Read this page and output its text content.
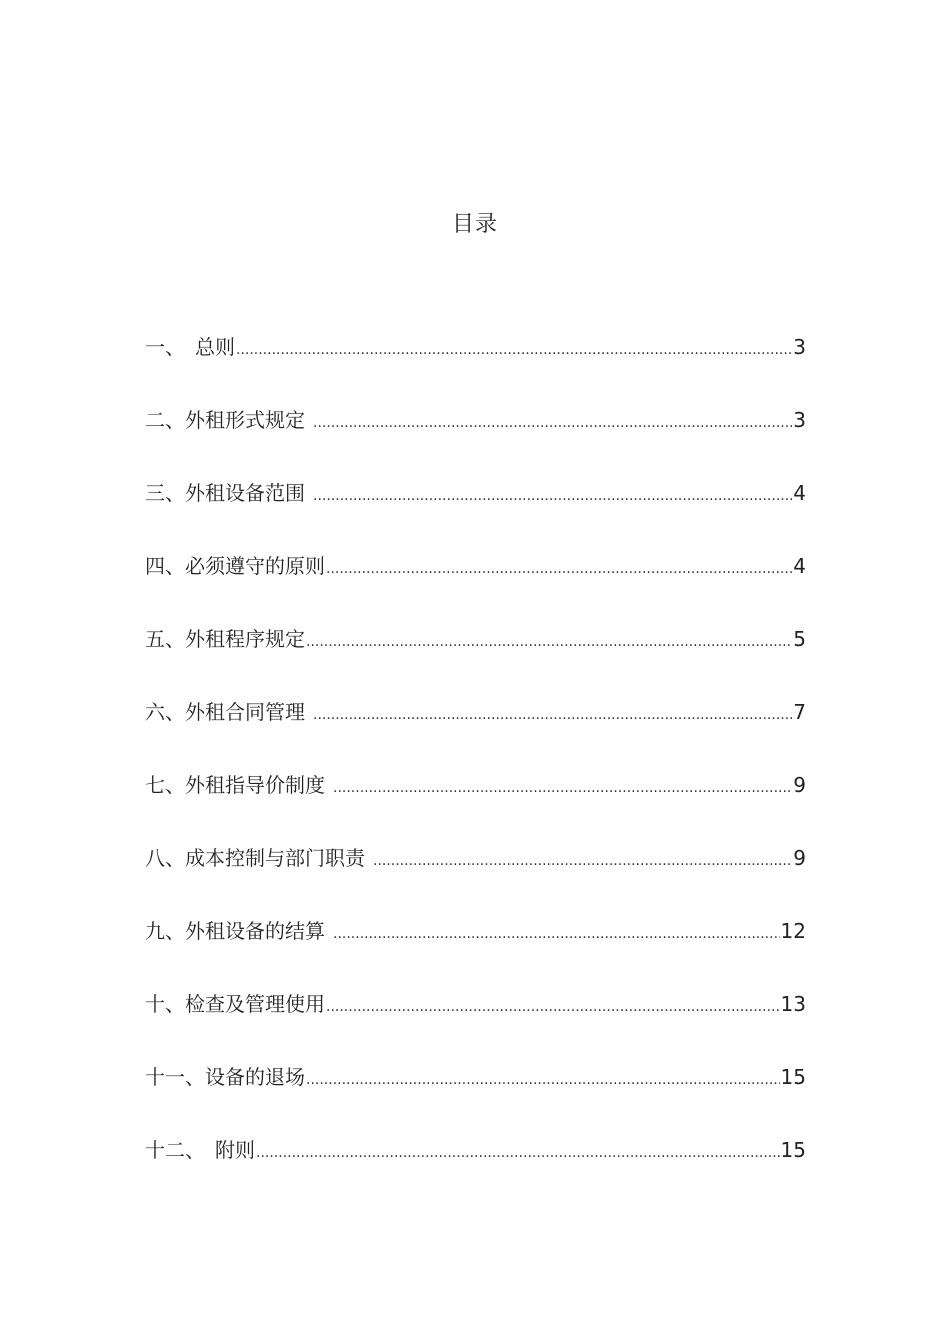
目录
一、 总则 .....	3
二、 外租形式规定 .....	3
三、 外租设备范围 .....	4
四、 必须遵守的原则 .....	4
五、 外租程序规定 .....	5
六、 外租合同管理 .....	7
七、 外租指导价制度 .....	9
八、 成本控制与部门职责 .....	9
九、 外租设备的结算 .....	12
十、 检查及管理使用 .....	13
十一、 设备的退场 .....	15
十二、 附则 .....	15
